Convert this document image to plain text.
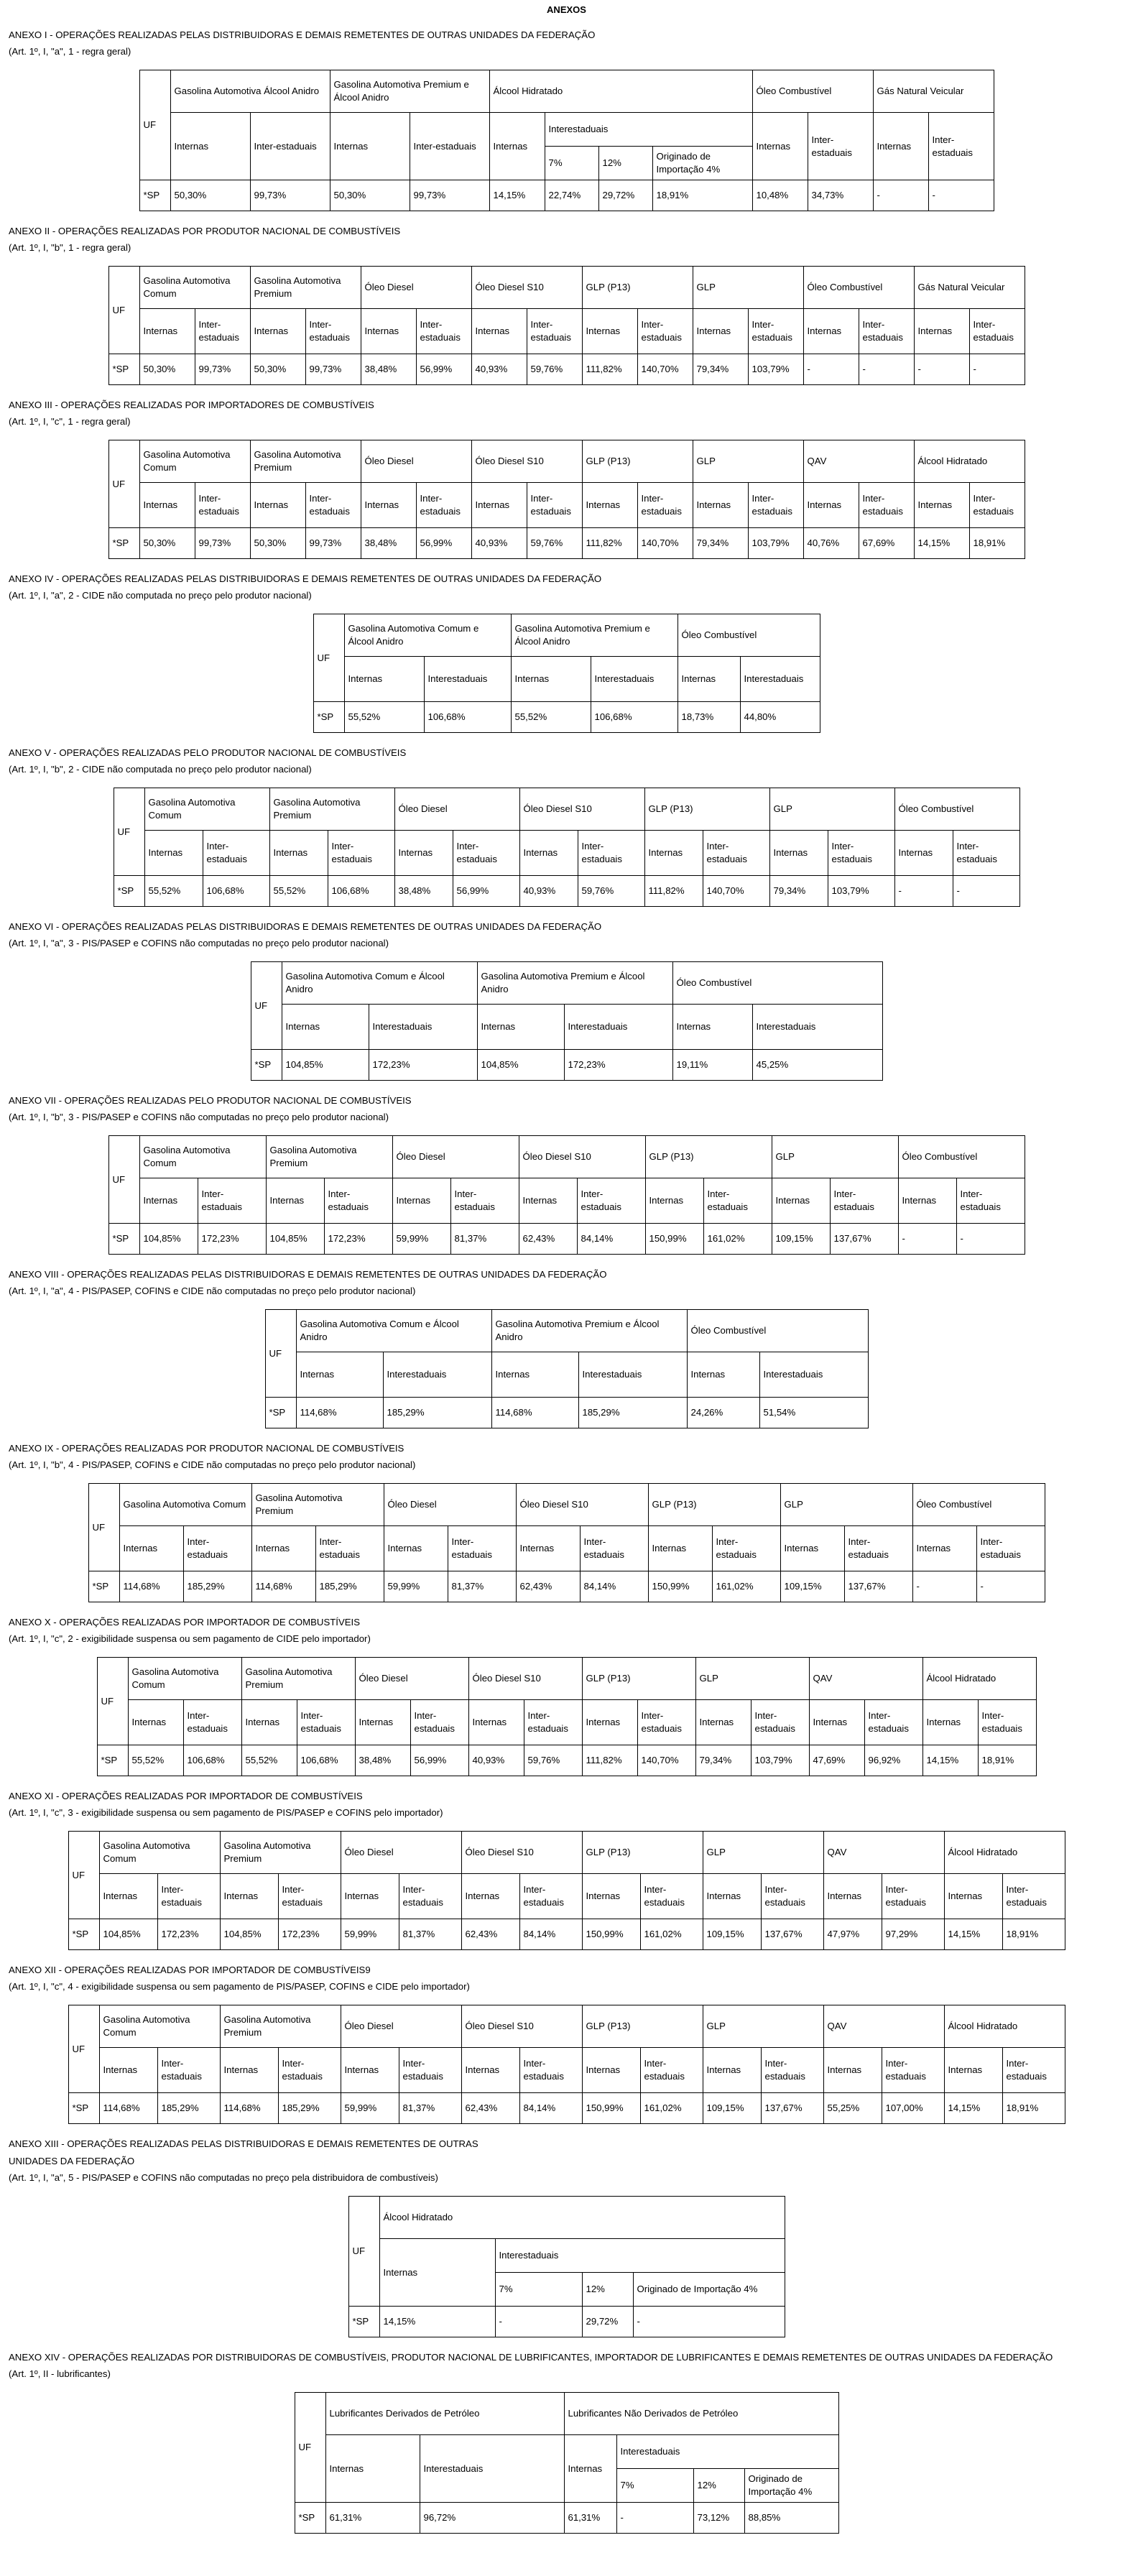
ANEXOS

ANEXO I - OPERAÇÕES REALIZADAS PELAS DISTRIBUIDORAS E DEMAIS REMETENTES DE OUTRAS UNIDADES DA FEDERAÇÃO

(Art. 1º, I, "a", 1 - regra geral)

UF	Gasolina Automotiva Álcool Anidro		Gasolina Automotiva Premium e Álcool Anidro		Álcool Hidratado				Óleo Combustível		Gás Natural Veicular	
	Internas	Inter-estaduais	Internas	Inter-estaduais	Internas	Interestaduais			Internas	Inter-estaduais	Internas	Inter-estaduais
						7%	12%	Originado de Importação 4%				
*SP	50,30%	99,73%	50,30%	99,73%	14,15%	22,74%	29,72%	18,91%	10,48%	34,73%	-	-

ANEXO II - OPERAÇÕES REALIZADAS POR PRODUTOR NACIONAL DE COMBUSTÍVEIS

(Art. 1º, I, "b", 1 - regra geral)

UF	Gasolina Automotiva Comum		Gasolina Automotiva Premium		Óleo Diesel		Óleo Diesel S10		GLP (P13)		GLP		Óleo Combustível		Gás Natural Veicular	
	Internas	Inter-estaduais	Internas	Inter-estaduais	Internas	Inter-estaduais	Internas	Inter-estaduais	Internas	Inter-estaduais	Internas	Inter-estaduais	Internas	Inter-estaduais	Internas	Inter-estaduais
*SP	50,30%	99,73%	50,30%	99,73%	38,48%	56,99%	40,93%	59,76%	111,82%	140,70%	79,34%	103,79%	-	-	-	-

ANEXO III - OPERAÇÕES REALIZADAS POR IMPORTADORES DE COMBUSTÍVEIS

(Art. 1º, I, "c", 1 - regra geral)

UF	Gasolina Automotiva Comum		Gasolina Automotiva Premium		Óleo Diesel		Óleo Diesel S10		GLP (P13)		GLP		QAV		Álcool Hidratado	
	Internas	Inter-estaduais	Internas	Inter-estaduais	Internas	Inter-estaduais	Internas	Inter-estaduais	Internas	Inter-estaduais	Internas	Inter-estaduais	Internas	Inter-estaduais	Internas	Inter-estaduais
*SP	50,30%	99,73%	50,30%	99,73%	38,48%	56,99%	40,93%	59,76%	111,82%	140,70%	79,34%	103,79%	40,76%	67,69%	14,15%	18,91%

ANEXO IV - OPERAÇÕES REALIZADAS PELAS DISTRIBUIDORAS E DEMAIS REMETENTES DE OUTRAS UNIDADES DA FEDERAÇÃO

(Art. 1º, I, "a", 2 - CIDE não computada no preço pelo produtor nacional)

UF	Gasolina Automotiva Comum e Álcool Anidro		Gasolina Automotiva Premium e Álcool Anidro		Óleo Combustível	
	Internas	Interestaduais	Internas	Interestaduais	Internas	Interestaduais
*SP	55,52%	106,68%	55,52%	106,68%	18,73%	44,80%

ANEXO V - OPERAÇÕES REALIZADAS PELO PRODUTOR NACIONAL DE COMBUSTÍVEIS

(Art. 1º, I, "b", 2 - CIDE não computada no preço pelo produtor nacional)

UF	Gasolina Automotiva Comum		Gasolina Automotiva Premium		Óleo Diesel		Óleo Diesel S10		GLP (P13)		GLP		Óleo Combustível	
	Internas	Inter-estaduais	Internas	Inter-estaduais	Internas	Inter-estaduais	Internas	Inter-estaduais	Internas	Inter-estaduais	Internas	Inter-estaduais	Internas	Inter-estaduais
*SP	55,52%	106,68%	55,52%	106,68%	38,48%	56,99%	40,93%	59,76%	111,82%	140,70%	79,34%	103,79%	-	-

ANEXO VI - OPERAÇÕES REALIZADAS PELAS DISTRIBUIDORAS E DEMAIS REMETENTES DE OUTRAS UNIDADES DA FEDERAÇÃO

(Art. 1º, I, "a", 3 - PIS/PASEP e COFINS não computadas no preço pelo produtor nacional)

UF	Gasolina Automotiva Comum e Álcool Anidro		Gasolina Automotiva Premium e Álcool Anidro		Óleo Combustível	
	Internas	Interestaduais	Internas	Interestaduais	Internas	Interestaduais
*SP	104,85%	172,23%	104,85%	172,23%	19,11%	45,25%

ANEXO VII - OPERAÇÕES REALIZADAS PELO PRODUTOR NACIONAL DE COMBUSTÍVEIS

(Art. 1º, I, "b", 3 - PIS/PASEP e COFINS não computadas no preço pelo produtor nacional)

UF	Gasolina Automotiva Comum		Gasolina Automotiva Premium		Óleo Diesel		Óleo Diesel S10		GLP (P13)		GLP		Óleo Combustível	
	Internas	Inter-estaduais	Internas	Inter-estaduais	Internas	Inter-estaduais	Internas	Inter-estaduais	Internas	Inter-estaduais	Internas	Inter-estaduais	Internas	Inter-estaduais
*SP	104,85%	172,23%	104,85%	172,23%	59,99%	81,37%	62,43%	84,14%	150,99%	161,02%	109,15%	137,67%	-	-

ANEXO VIII - OPERAÇÕES REALIZADAS PELAS DISTRIBUIDORAS E DEMAIS REMETENTES DE OUTRAS UNIDADES DA FEDERAÇÃO

(Art. 1º, I, "a", 4 - PIS/PASEP, COFINS e CIDE não computadas no preço pelo produtor nacional)

UF	Gasolina Automotiva Comum e Álcool Anidro		Gasolina Automotiva Premium e Álcool Anidro		Óleo Combustível	
	Internas	Interestaduais	Internas	Interestaduais	Internas	Interestaduais
*SP	114,68%	185,29%	114,68%	185,29%	24,26%	51,54%

ANEXO IX - OPERAÇÕES REALIZADAS POR PRODUTOR NACIONAL DE COMBUSTÍVEIS

(Art. 1º, I, "b", 4 - PIS/PASEP, COFINS e CIDE não computadas no preço pelo produtor nacional)

UF	Gasolina Automotiva Comum		Gasolina Automotiva Premium		Óleo Diesel		Óleo Diesel S10		GLP (P13)		GLP		Óleo Combustível	
	Internas	Inter-estaduais	Internas	Inter-estaduais	Internas	Inter-estaduais	Internas	Inter-estaduais	Internas	Inter-estaduais	Internas	Inter-estaduais	Internas	Inter-estaduais
*SP	114,68%	185,29%	114,68%	185,29%	59,99%	81,37%	62,43%	84,14%	150,99%	161,02%	109,15%	137,67%	-	-

ANEXO X - OPERAÇÕES REALIZADAS POR IMPORTADOR DE COMBUSTÍVEIS

(Art. 1º, I, "c", 2 - exigibilidade suspensa ou sem pagamento de CIDE pelo importador)

UF	Gasolina Automotiva Comum		Gasolina Automotiva Premium		Óleo Diesel		Óleo Diesel S10		GLP (P13)		GLP		QAV		Álcool Hidratado	
	Internas	Inter-estaduais	Internas	Inter-estaduais	Internas	Inter-estaduais	Internas	Inter-estaduais	Internas	Inter-estaduais	Internas	Inter-estaduais	Internas	Inter-estaduais	Internas	Inter-estaduais
*SP	55,52%	106,68%	55,52%	106,68%	38,48%	56,99%	40,93%	59,76%	111,82%	140,70%	79,34%	103,79%	47,69%	96,92%	14,15%	18,91%

ANEXO XI - OPERAÇÕES REALIZADAS POR IMPORTADOR DE COMBUSTÍVEIS

(Art. 1º, I, "c", 3 - exigibilidade suspensa ou sem pagamento de PIS/PASEP e COFINS pelo importador)

UF	Gasolina Automotiva Comum		Gasolina Automotiva Premium		Óleo Diesel		Óleo Diesel S10		GLP (P13)		GLP		QAV		Álcool Hidratado	
	Internas	Inter-estaduais	Internas	Inter-estaduais	Internas	Inter-estaduais	Internas	Inter-estaduais	Internas	Inter-estaduais	Internas	Inter-estaduais	Internas	Inter-estaduais	Internas	Inter-estaduais
*SP	104,85%	172,23%	104,85%	172,23%	59,99%	81,37%	62,43%	84,14%	150,99%	161,02%	109,15%	137,67%	47,97%	97,29%	14,15%	18,91%

ANEXO XII - OPERAÇÕES REALIZADAS POR IMPORTADOR DE COMBUSTÍVEIS9

(Art. 1º, I, "c", 4 - exigibilidade suspensa ou sem pagamento de PIS/PASEP, COFINS e CIDE pelo importador)

UF	Gasolina Automotiva Comum		Gasolina Automotiva Premium		Óleo Diesel		Óleo Diesel S10		GLP (P13)		GLP		QAV		Álcool Hidratado	
	Internas	Inter-estaduais	Internas	Inter-estaduais	Internas	Inter-estaduais	Internas	Inter-estaduais	Internas	Inter-estaduais	Internas	Inter-estaduais	Internas	Inter-estaduais	Internas	Inter-estaduais
*SP	114,68%	185,29%	114,68%	185,29%	59,99%	81,37%	62,43%	84,14%	150,99%	161,02%	109,15%	137,67%	55,25%	107,00%	14,15%	18,91%

ANEXO XIII - OPERAÇÕES REALIZADAS PELAS DISTRIBUIDORAS E DEMAIS REMETENTES DE OUTRAS

UNIDADES DA FEDERAÇÃO

(Art. 1º, I, "a", 5 - PIS/PASEP e COFINS não computadas no preço pela distribuidora de combustíveis)

UF	Álcool Hidratado			
	Internas	Interestaduais		
		7%	12%	Originado de Importação 4%
*SP	14,15%	-	29,72%	-

ANEXO XIV - OPERAÇÕES REALIZADAS POR DISTRIBUIDORAS DE COMBUSTÍVEIS, PRODUTOR NACIONAL DE LUBRIFICANTES, IMPORTADOR DE LUBRIFICANTES E DEMAIS REMETENTES DE OUTRAS UNIDADES DA FEDERAÇÃO

(Art. 1º, II - lubrificantes)

UF	Lubrificantes Derivados de Petróleo		Lubrificantes Não Derivados de Petróleo			
	Internas	Interestaduais	Internas	Interestaduais		
				7%	12%	Originado de Importação 4%
*SP	61,31%	96,72%	61,31%	-	73,12%	88,85%
